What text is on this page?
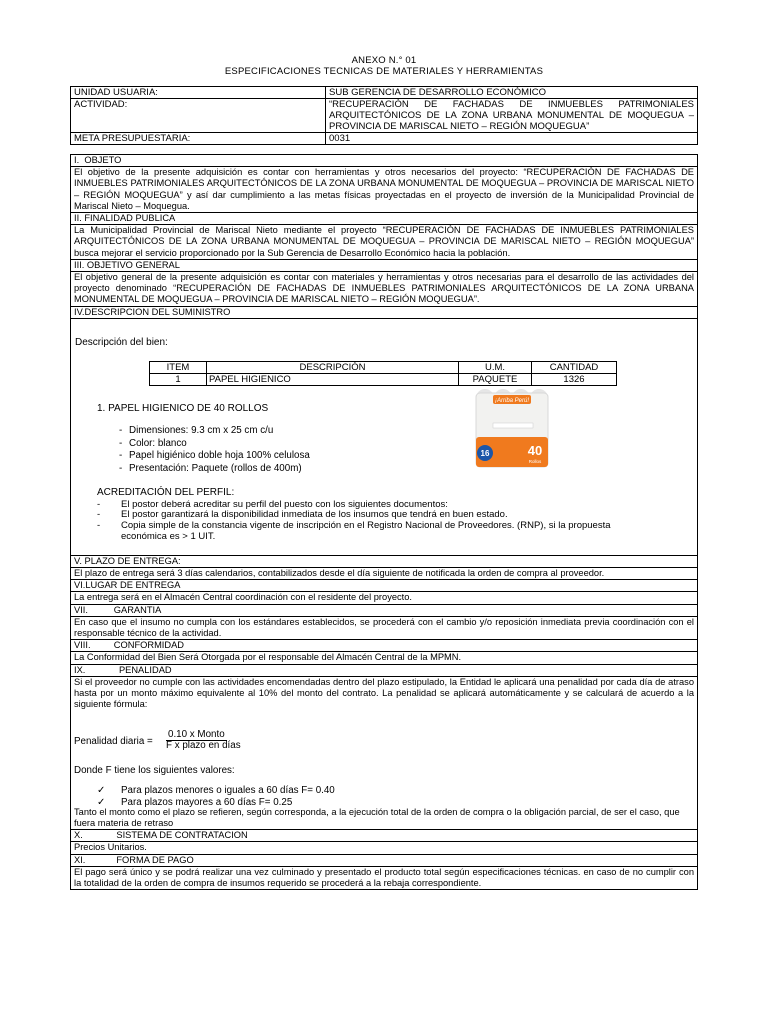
ANEXO N.° 01
ESPECIFICACIONES TECNICAS DE MATERIALES Y HERRAMIENTAS
UNIDAD USUARIA:	SUB GERENCIA DE DESARROLLO ECONÓMICO
ACTIVIDAD:	“RECUPERACIÓN DE FACHADAS DE INMUEBLES PATRIMONIALES ARQUITECTÓNICOS DE LA ZONA URBANA MONUMENTAL DE MOQUEGUA – PROVINCIA DE MARISCAL NIETO – REGIÓN MOQUEGUA”
META PRESUPUESTARIA:	0031
I.  OBJETO
El objetivo de la presente adquisición es contar con herramientas y otros necesarios del proyecto: “RECUPERACIÓN DE FACHADAS DE INMUEBLES PATRIMONIALES ARQUITECTÓNICOS DE LA ZONA URBANA MONUMENTAL DE MOQUEGUA – PROVINCIA DE MARISCAL NIETO – REGIÓN MOQUEGUA” y así dar cumplimiento a las metas físicas proyectadas en el proyecto de inversión de la Municipalidad Provincial de Mariscal Nieto – Moquegua.
II. FINALIDAD PUBLICA
La Municipalidad Provincial de Mariscal Nieto mediante el proyecto “RECUPERACIÓN DE FACHADAS DE INMUEBLES PATRIMONIALES ARQUITECTÓNICOS DE LA ZONA URBANA MONUMENTAL DE MOQUEGUA – PROVINCIA DE MARISCAL NIETO – REGIÓN MOQUEGUA” busca mejorar el servicio proporcionado por la Sub Gerencia de Desarrollo Económico hacia la población.
III. OBJETIVO GENERAL
El objetivo general de la presente adquisición es contar con materiales y herramientas y otros necesarias para el desarrollo de las actividades del proyecto denominado “RECUPERACIÓN DE FACHADAS DE INMUEBLES PATRIMONIALES ARQUITECTÓNICOS DE LA ZONA URBANA MONUMENTAL DE MOQUEGUA – PROVINCIA DE MARISCAL NIETO – REGIÓN MOQUEGUA”.
IV.DESCRIPCION DEL SUMINISTRO
Descripción del bien:
ITEM	DESCRIPCIÓN	U.M.	CANTIDAD
1	PAPEL HIGIENICO	PAQUETE	1326
1. PAPEL HIGIENICO DE 40 ROLLOS
- Dimensiones: 9.3 cm x 25 cm c/u
- Color: blanco
- Papel higiénico doble hoja 100% celulosa
- Presentación: Paquete (rollos de 400m)
¡Arriba Perú!
16	40
Rollos
ACREDITACIÓN DEL PERFIL:
- El postor deberá acreditar su perfil del puesto con los siguientes documentos:
- El postor garantizará la disponibilidad inmediata de los insumos que tendrá en buen estado.
- Copia simple de la constancia vigente de inscripción en el Registro Nacional de Proveedores. (RNP), si la propuesta económica es > 1 UIT.
V. PLAZO DE ENTREGA:
El plazo de entrega será 3 días calendarios, contabilizados desde el día siguiente de notificada la orden de compra al proveedor.
VI.LUGAR DE ENTREGA
La entrega será en el Almacén Central coordinación con el residente del proyecto.
VII.          GARANTIA
En caso que el insumo no cumpla con los estándares establecidos, se procederá con el cambio y/o reposición inmediata previa coordinación con el responsable técnico de la actividad.
VIII.         CONFORMIDAD
La Conformidad del Bien Será Otorgada por el responsable del Almacén Central de la MPMN.
IX.             PENALIDAD
Si el proveedor no cumple con las actividades encomendadas dentro del plazo estipulado, la Entidad le aplicará una penalidad por cada día de atraso hasta por un monto máximo equivalente al 10% del monto del contrato. La penalidad se aplicará automáticamente y se calculará de acuerdo a la siguiente fórmula:
Penalidad diaria =
0.10 x Monto
F x plazo en días
Donde F tiene los siguientes valores:
✓ Para plazos menores o iguales a 60 días F= 0.40
✓ Para plazos mayores a 60 días F= 0.25
Tanto el monto como el plazo se refieren, según corresponda, a la ejecución total de la orden de compra o la obligación parcial, de ser el caso, que fuera materia de retraso
X.             SISTEMA DE CONTRATACION
Precios Unitarios.
XI.            FORMA DE PAGO
El pago será único y se podrá realizar una vez culminado y presentado el producto total según especificaciones técnicas. en caso de no cumplir con la totalidad de la orden de compra de insumos requerido se procederá a la rebaja correspondiente.
